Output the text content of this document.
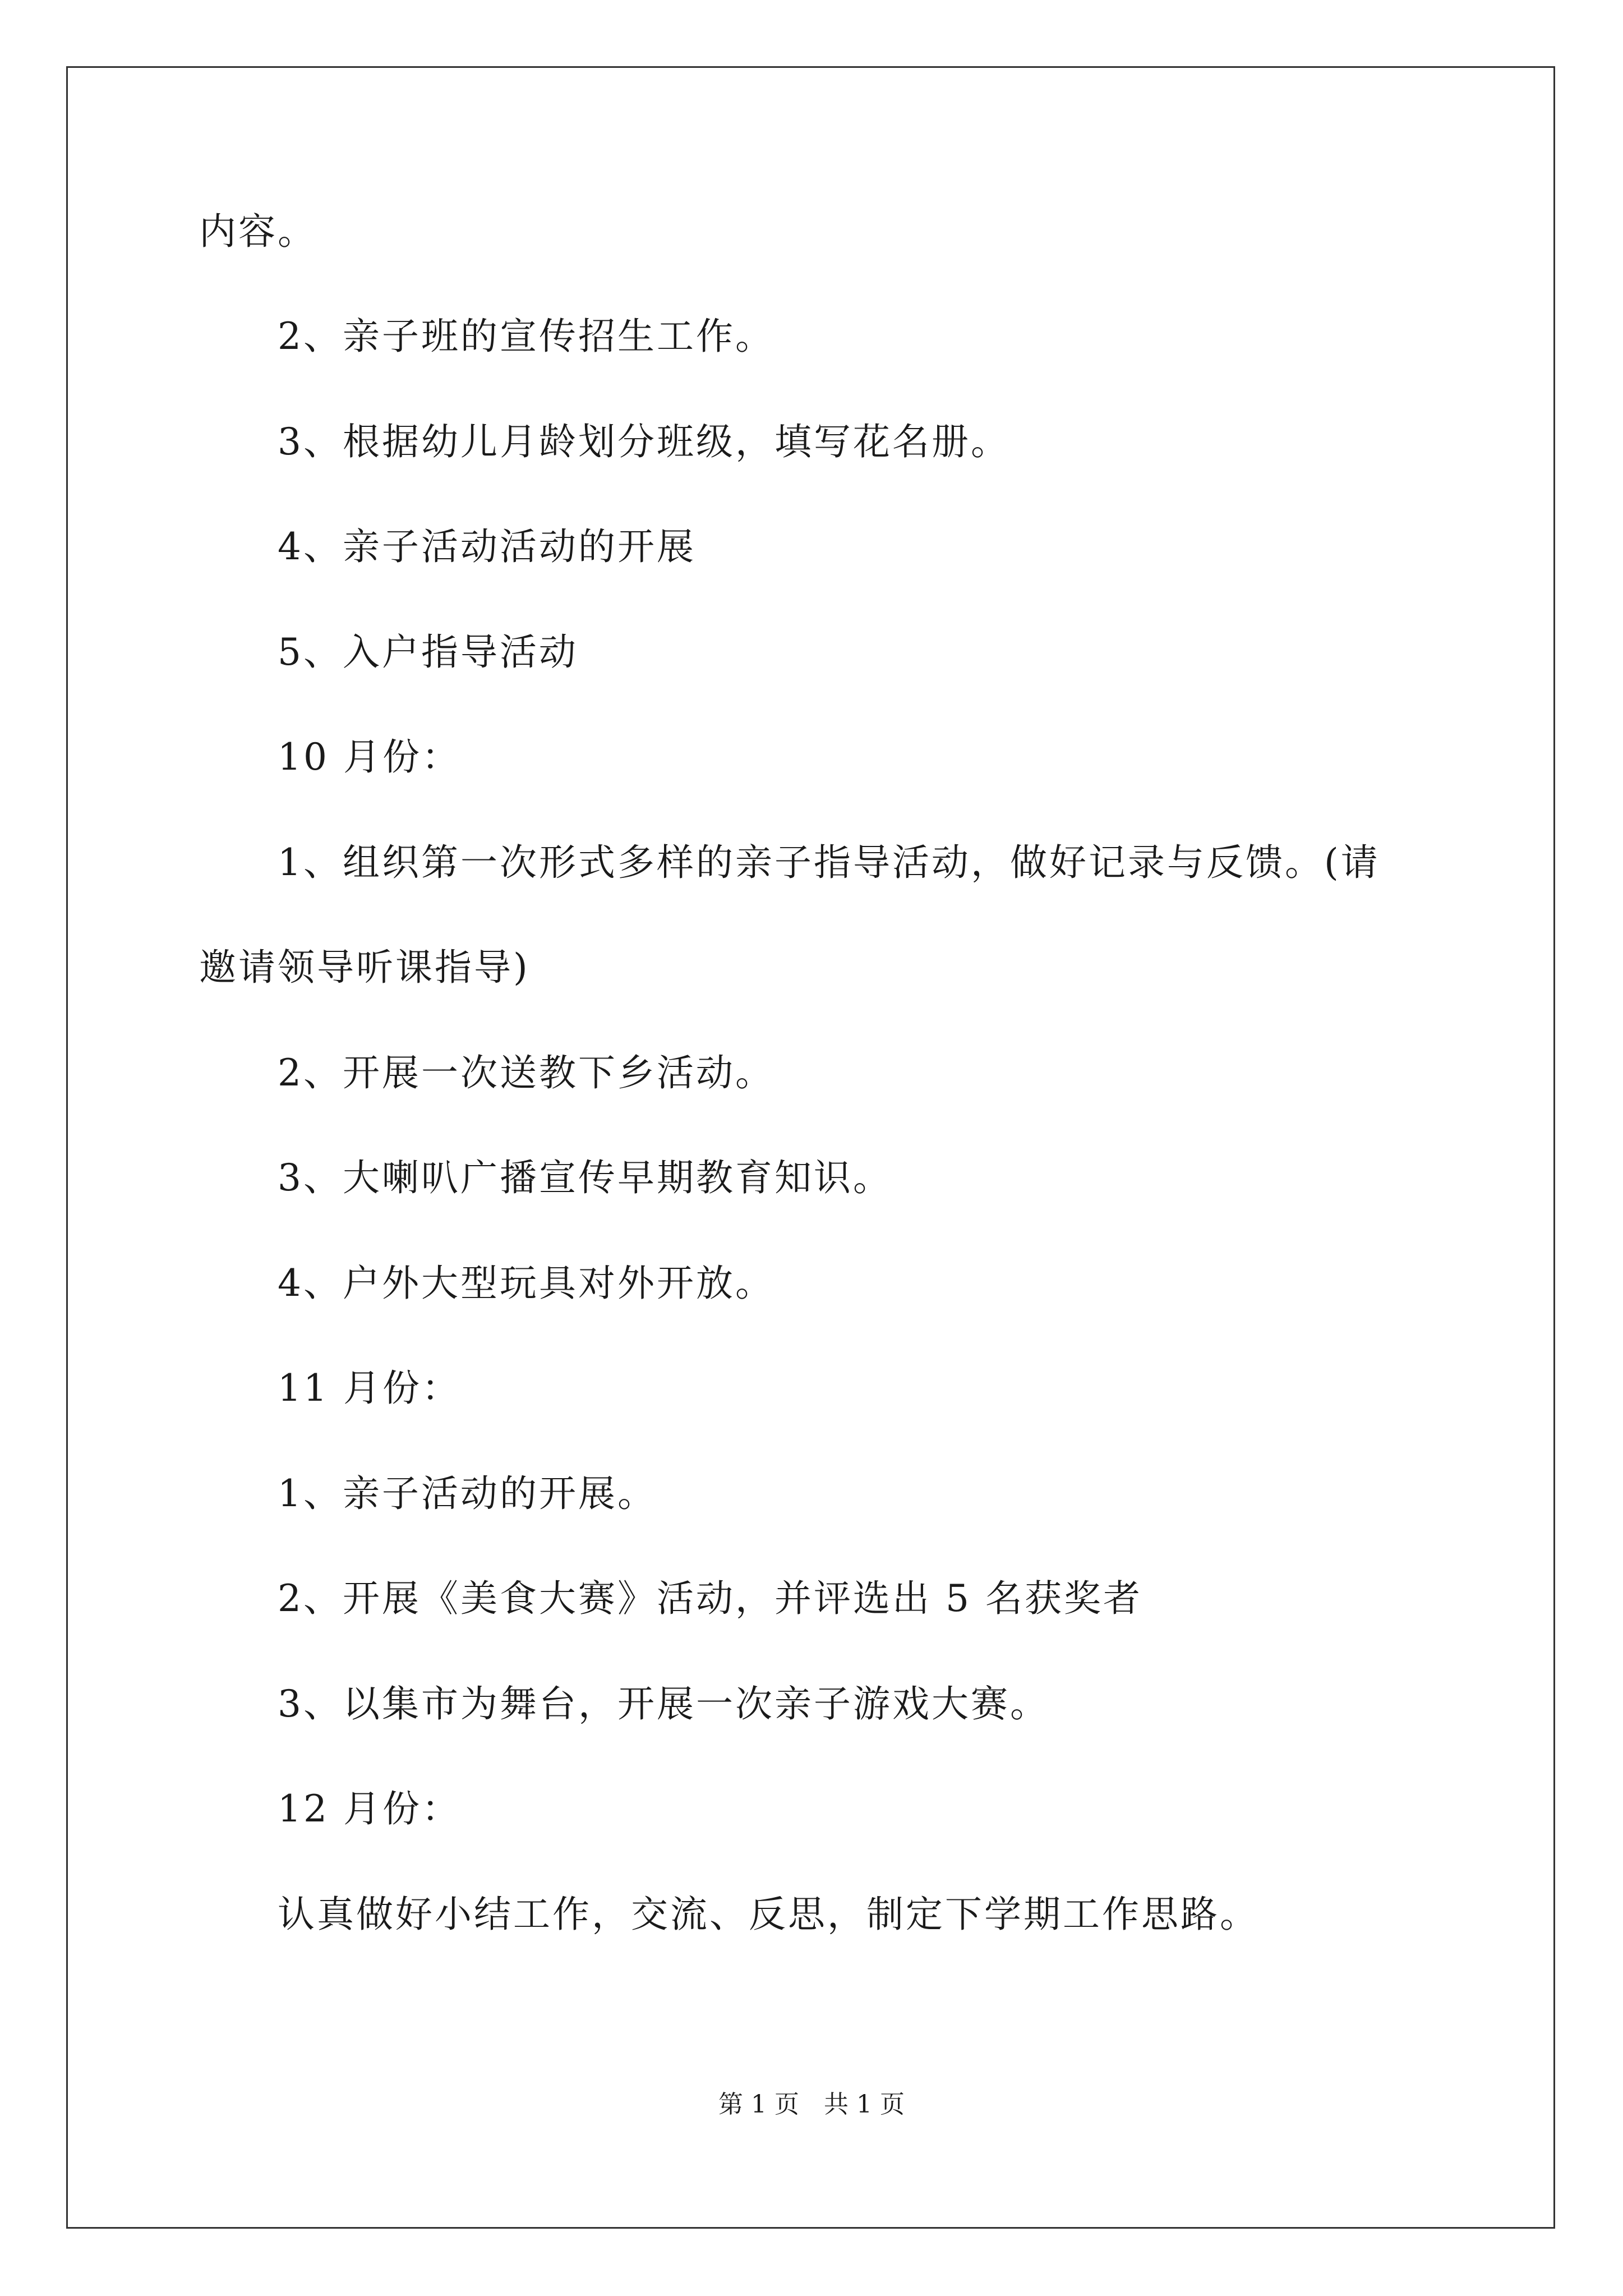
内容。
2、亲子班的宣传招生工作。
3、根据幼儿月龄划分班级，填写花名册。
4、亲子活动活动的开展
5、入户指导活动
10 月份：
1、组织第一次形式多样的亲子指导活动，做好记录与反馈。(请
邀请领导听课指导)
2、开展一次送教下乡活动。
3、大喇叭广播宣传早期教育知识。
4、户外大型玩具对外开放。
11 月份：
1、亲子活动的开展。
2、开展《美食大赛》活动，并评选出 5 名获奖者
3、以集市为舞台，开展一次亲子游戏大赛。
12 月份：
认真做好小结工作，交流、反思，制定下学期工作思路。
第 1 页　共 1 页
